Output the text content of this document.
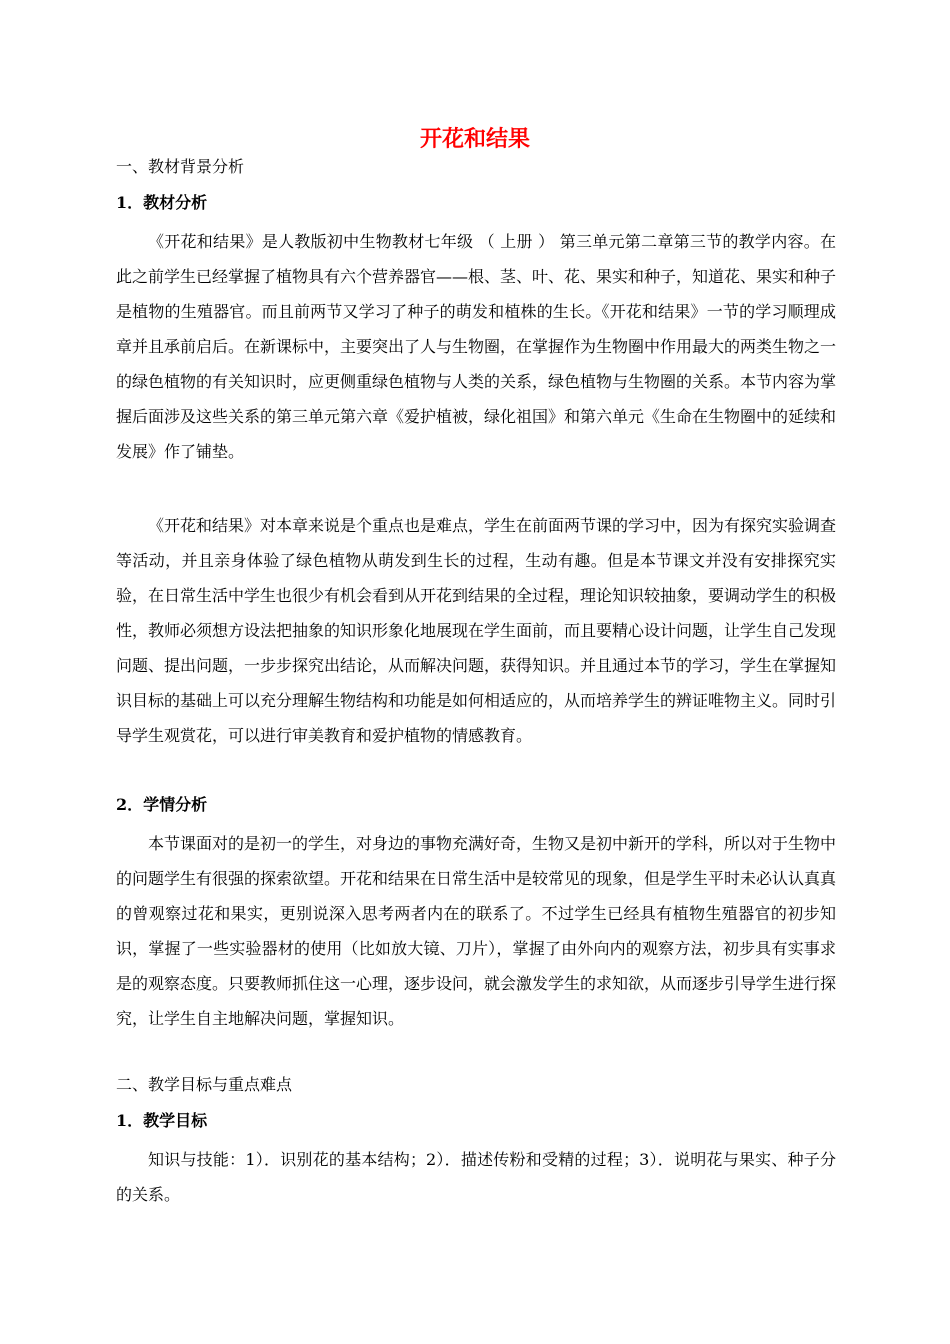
开花和结果
一、教材背景分析
1．教材分析
《开花和结果》是人教版初中生物教材七年级 （ 上册 ） 第三单元第二章第三节的教学内容。在此之前学生已经掌握了植物具有六个营养器官——根、茎、叶、花、果实和种子，知道花、果实和种子是植物的生殖器官。而且前两节又学习了种子的萌发和植株的生长。《开花和结果》一节的学习顺理成章并且承前启后。在新课标中，主要突出了人与生物圈，在掌握作为生物圈中作用最大的两类生物之一的绿色植物的有关知识时，应更侧重绿色植物与人类的关系，绿色植物与生物圈的关系。本节内容为掌握后面涉及这些关系的第三单元第六章《爱护植被，绿化祖国》和第六单元《生命在生物圈中的延续和发展》作了铺垫。
《开花和结果》对本章来说是个重点也是难点，学生在前面两节课的学习中，因为有探究实验调查等活动，并且亲身体验了绿色植物从萌发到生长的过程，生动有趣。但是本节课文并没有安排探究实验，在日常生活中学生也很少有机会看到从开花到结果的全过程，理论知识较抽象，要调动学生的积极性，教师必须想方设法把抽象的知识形象化地展现在学生面前，而且要精心设计问题，让学生自己发现问题、提出问题，一步步探究出结论，从而解决问题，获得知识。并且通过本节的学习，学生在掌握知识目标的基础上可以充分理解生物结构和功能是如何相适应的，从而培养学生的辨证唯物主义。同时引导学生观赏花，可以进行审美教育和爱护植物的情感教育。
2．学情分析
本节课面对的是初一的学生，对身边的事物充满好奇，生物又是初中新开的学科，所以对于生物中的问题学生有很强的探索欲望。开花和结果在日常生活中是较常见的现象，但是学生平时未必认认真真的曾观察过花和果实，更别说深入思考两者内在的联系了。不过学生已经具有植物生殖器官的初步知识，掌握了一些实验器材的使用（比如放大镜、刀片），掌握了由外向内的观察方法，初步具有实事求是的观察态度。只要教师抓住这一心理，逐步设问，就会激发学生的求知欲，从而逐步引导学生进行探究，让学生自主地解决问题，掌握知识。
二、教学目标与重点难点
1．教学目标
知识与技能：1）．识别花的基本结构；2）．描述传粉和受精的过程；3）．说明花与果实、种子分的关系。
